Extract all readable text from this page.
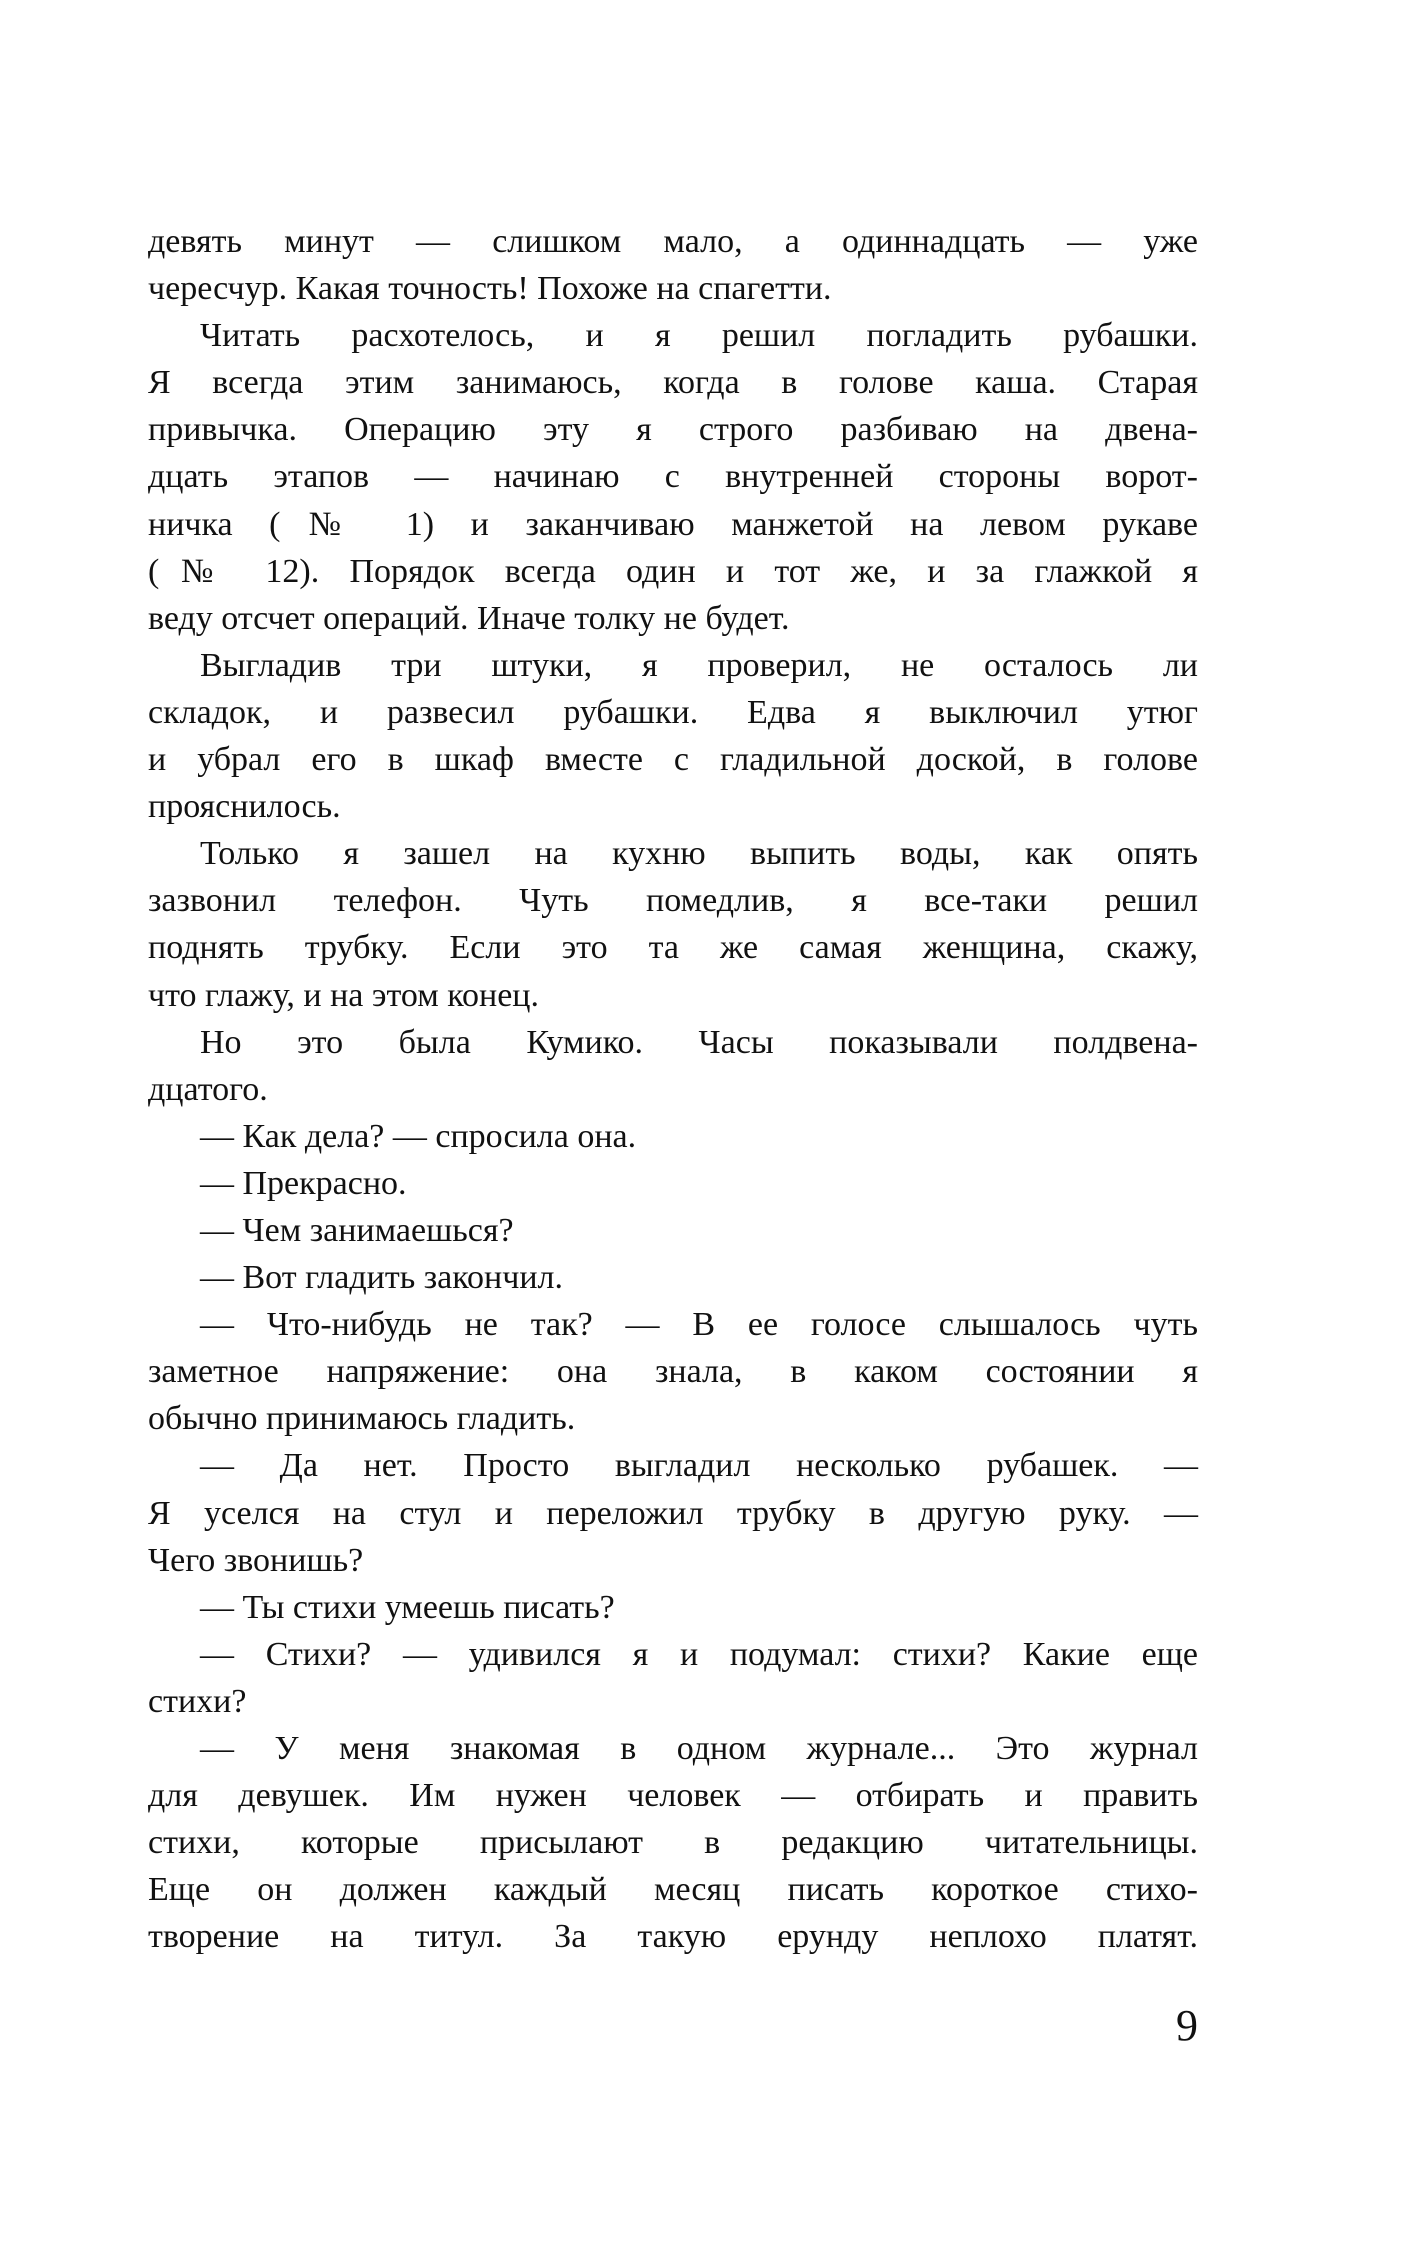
девять минут — слишком мало, а одиннадцать — уже
чересчур. Какая точность! Похоже на спагетти.
Читать расхотелось, и я решил погладить рубашки.
Я всегда этим занимаюсь, когда в голове каша. Старая
привычка. Операцию эту я строго разбиваю на двена-
дцать этапов — начинаю с внутренней стороны ворот-
ничка (№ 1) и заканчиваю манжетой на левом рукаве
(№ 12). Порядок всегда один и тот же, и за глажкой я
веду отсчет операций. Иначе толку не будет.
Выгладив три штуки, я проверил, не осталось ли
складок, и развесил рубашки. Едва я выключил утюг
и убрал его в шкаф вместе с гладильной доской, в голове
прояснилось.
Только я зашел на кухню выпить воды, как опять
зазвонил телефон. Чуть помедлив, я все-таки решил
поднять трубку. Если это та же самая женщина, скажу,
что глажу, и на этом конец.
Но это была Кумико. Часы показывали полдвена-
дцатого.
— Как дела? — спросила она.
— Прекрасно.
— Чем занимаешься?
— Вот гладить закончил.
— Что-нибудь не так? — В ее голосе слышалось чуть
заметное напряжение: она знала, в каком состоянии я
обычно принимаюсь гладить.
— Да нет. Просто выгладил несколько рубашек. —
Я уселся на стул и переложил трубку в другую руку. —
Чего звонишь?
— Ты стихи умеешь писать?
— Стихи? — удивился я и подумал: стихи? Какие еще
стихи?
— У меня знакомая в одном журнале... Это журнал
для девушек. Им нужен человек — отбирать и править
стихи, которые присылают в редакцию читательницы.
Еще он должен каждый месяц писать короткое стихо-
творение на титул. За такую ерунду неплохо платят.
9
